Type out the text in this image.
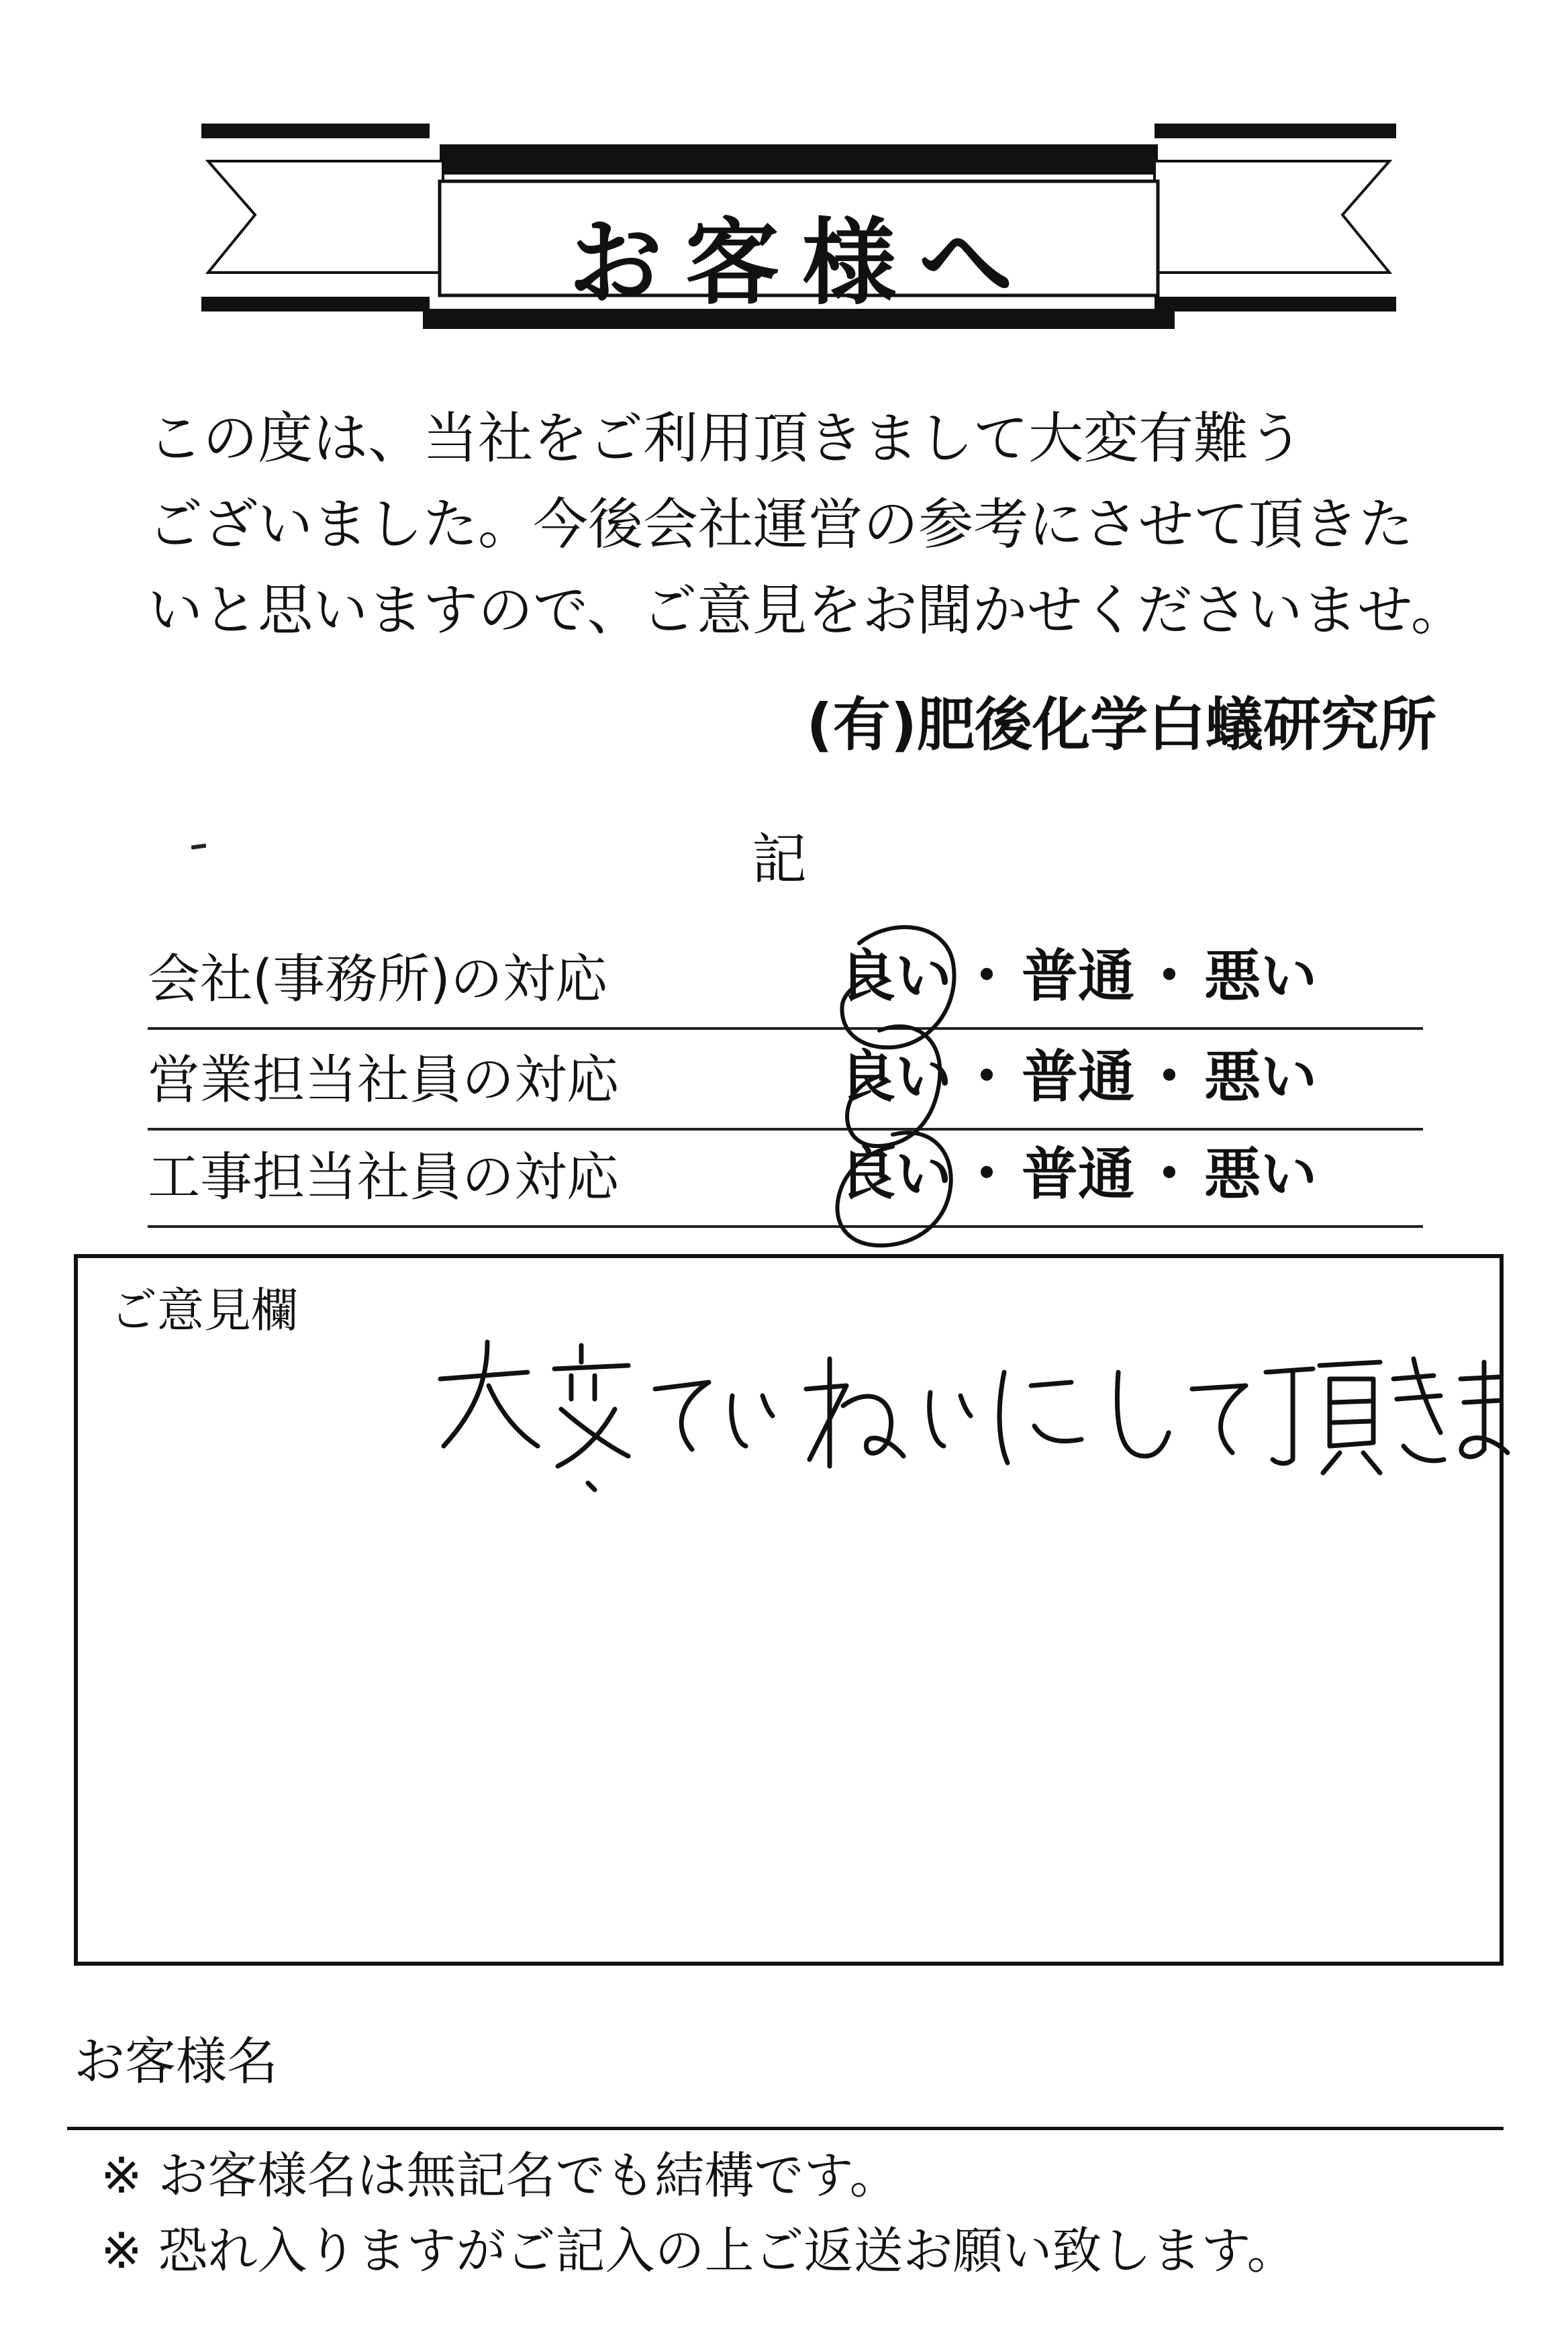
お客様へ
この度は、当社をご利用頂きまして大変有難う
ございました。今後会社運営の参考にさせて頂きた
いと思いますので、ご意見をお聞かせくださいませ。
(有)肥後化学白蟻研究所
記
会社(事務所)の対応	良い ・ 普通 ・ 悪い
営業担当社員の対応	良い ・ 普通 ・ 悪い
工事担当社員の対応	良い ・ 普通 ・ 悪い
ご意見欄
お客様名
※ お客様名は無記名でも結構です。
※ 恐れ入りますがご記入の上ご返送お願い致します。
